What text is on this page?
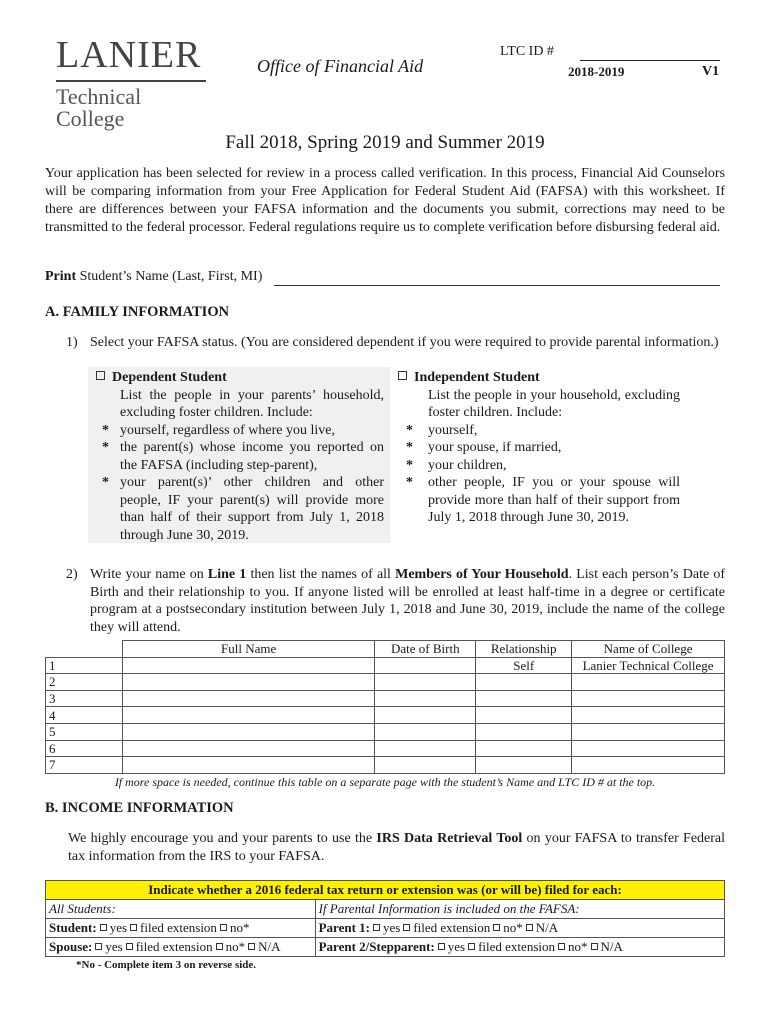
LANIER
Technical College
Office of Financial Aid
LTC ID #
2018-2019	V1
Fall 2018, Spring 2019 and Summer 2019
Your application has been selected for review in a process called verification. In this process, Financial Aid Counselors will be comparing information from your Free Application for Federal Student Aid (FAFSA) with this worksheet. If there are differences between your FAFSA information and the documents you submit, corrections may need to be transmitted to the federal processor. Federal regulations require us to complete verification before disbursing federal aid.
Print Student’s Name (Last, First, MI)
A. FAMILY INFORMATION
1) Select your FAFSA status. (You are considered dependent if you were required to provide parental information.)
Dependent Student
List the people in your parents’ household, excluding foster children. Include:
* yourself, regardless of where you live,
* the parent(s) whose income you reported on the FAFSA (including step-parent),
* your parent(s)’ other children and other people, IF your parent(s) will provide more than half of their support from July 1, 2018 through June 30, 2019.
Independent Student
List the people in your household, excluding foster children. Include:
*	yourself,
*	your spouse, if married,
*	your children,
*	other people, IF you or your spouse will provide more than half of their support from July 1, 2018 through June 30, 2019.
2) Write your name on Line 1 then list the names of all Members of Your Household. List each person’s Date of Birth and their relationship to you. If anyone listed will be enrolled at least half-time in a degree or certificate program at a postsecondary institution between July 1, 2018 and June 30, 2019, include the name of the college they will attend.
	Full Name	Date of Birth	Relationship	Name of College
1			Self	Lanier Technical College
2				
3				
4				
5				
6				
7				
If more space is needed, continue this table on a separate page with the student’s Name and LTC ID # at the top.
B. INCOME INFORMATION
We highly encourage you and your parents to use the IRS Data Retrieval Tool on your FAFSA to transfer Federal tax information from the IRS to your FAFSA.
Indicate whether a 2016 federal tax return or extension was (or will be) filed for each:	
All Students:	If Parental Information is included on the FAFSA:
Student: yes filed extension no*	Parent 1: yes filed extension no* N/A
Spouse: yes filed extension no* N/A	Parent 2/Stepparent: yes filed extension no* N/A
*No - Complete item 3 on reverse side.
